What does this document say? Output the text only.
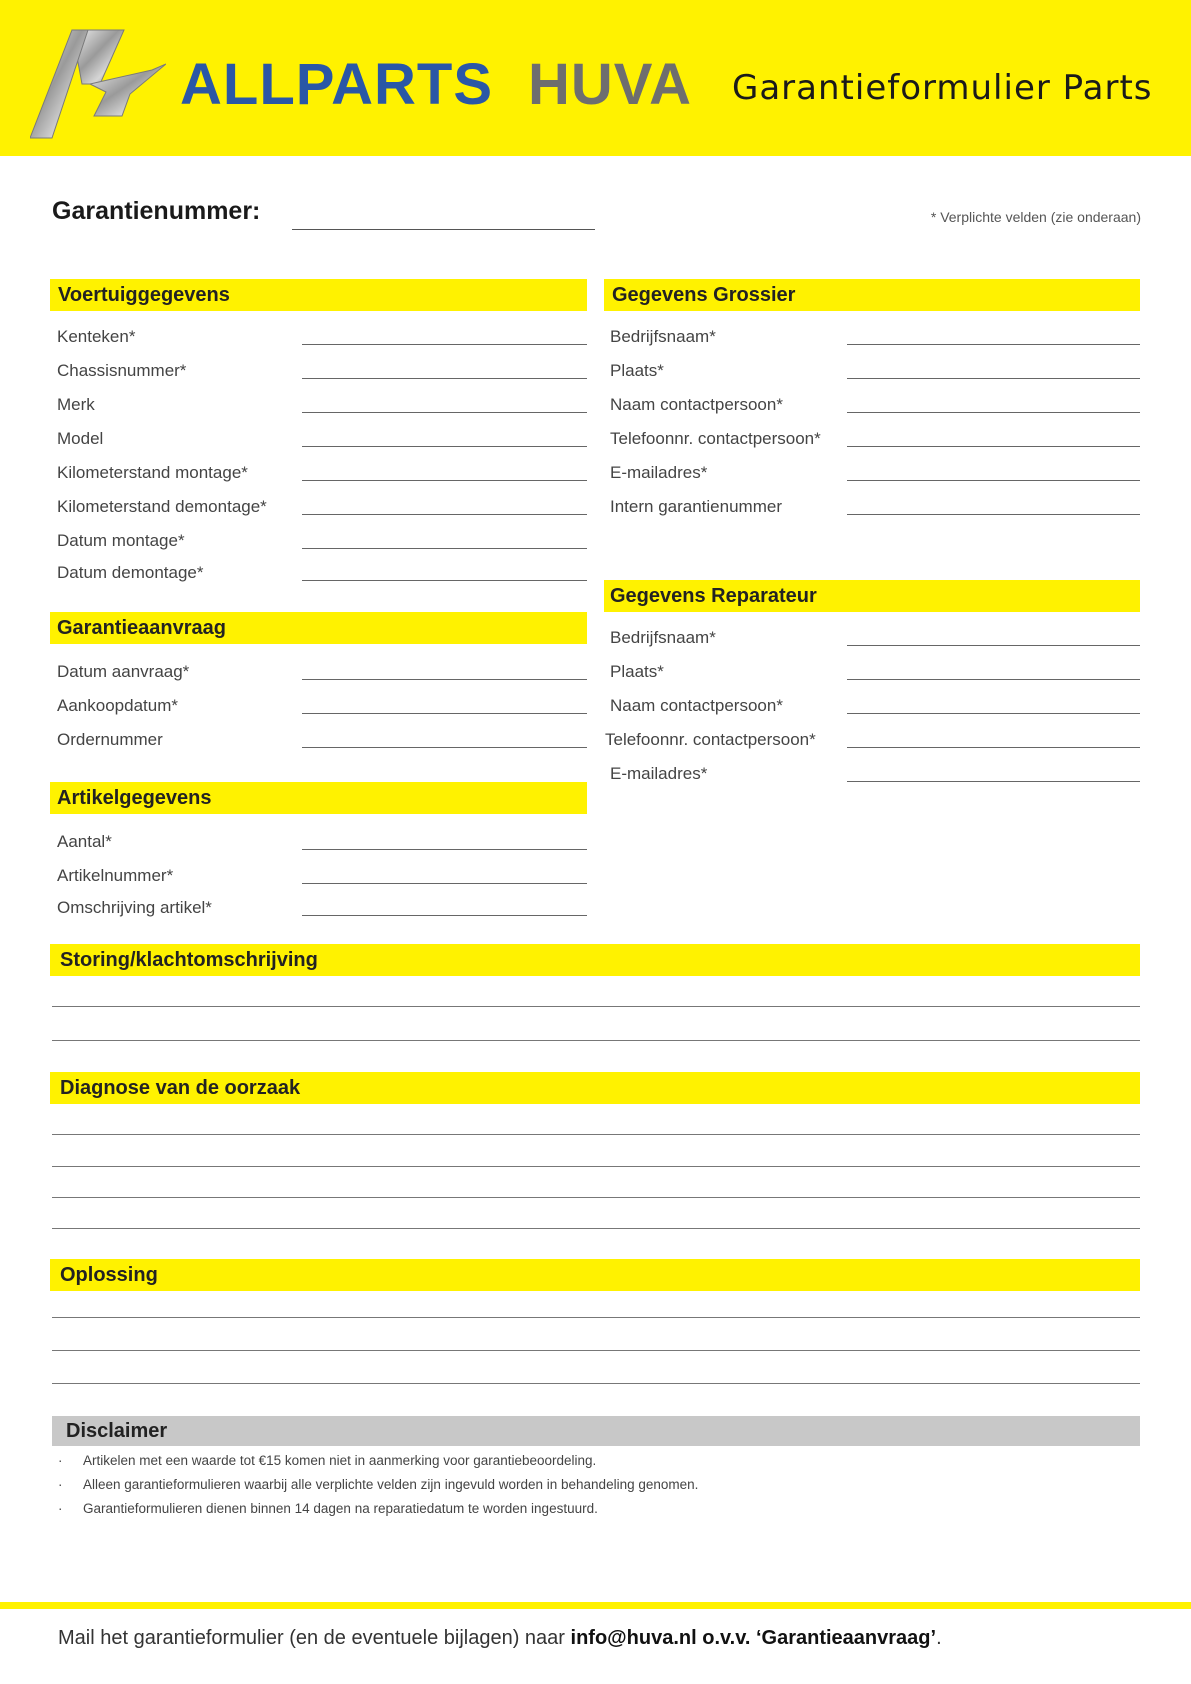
ALLPARTS HUVA Garantieformulier Parts
Garantienummer:	* Verplichte velden (zie onderaan)
Voertuiggegevens
Kenteken*
Chassisnummer*
Merk
Model
Kilometerstand montage*
Kilometerstand demontage*
Datum montage*
Datum demontage*
Garantieaanvraag
Datum aanvraag*
Aankoopdatum*
Ordernummer
Artikelgegevens
Aantal*
Artikelnummer*
Omschrijving artikel*
Gegevens Grossier
Bedrijfsnaam*
Plaats*
Naam contactpersoon*
Telefoonnr. contactpersoon*
E-mailadres*
Intern garantienummer
Gegevens Reparateur
Bedrijfsnaam*
Plaats*
Naam contactpersoon*
Telefoonnr. contactpersoon*
E-mailadres*
Storing/klachtomschrijving
Diagnose van de oorzaak
Oplossing
Disclaimer
· Artikelen met een waarde tot €15 komen niet in aanmerking voor garantiebeoordeling.
· Alleen garantieformulieren waarbij alle verplichte velden zijn ingevuld worden in behandeling genomen.
· Garantieformulieren dienen binnen 14 dagen na reparatiedatum te worden ingestuurd.
Mail het garantieformulier (en de eventuele bijlagen) naar info@huva.nl o.v.v. ‘Garantieaanvraag’.
